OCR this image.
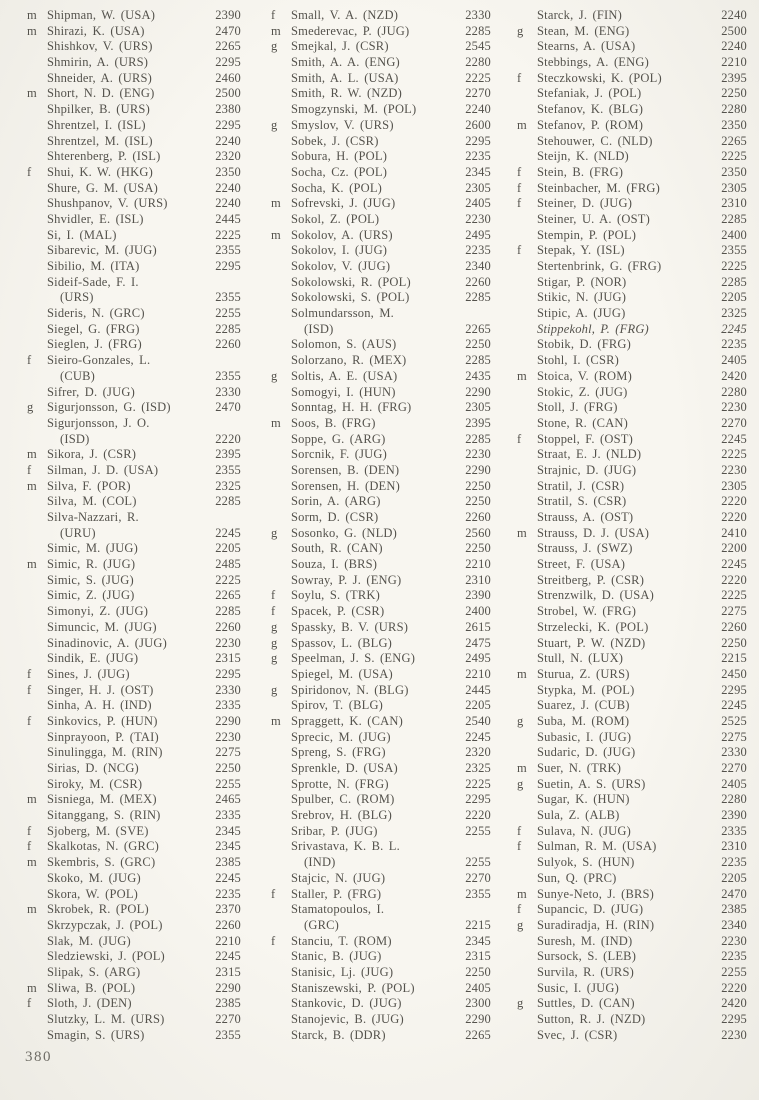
m Shipman, W. (USA)	2390
m Shirazi, K. (USA)	2470
Shishkov, V. (URS)	2265
Shmirin, A. (URS)	2295
Shneider, A. (URS)	2460
m Short, N. D. (ENG)	2500
Shpilker, B. (URS)	2380
Shrentzel, I. (ISL)	2295
Shrentzel, M. (ISL)	2240
Shterenberg, P. (ISL)	2320
f	Shui, K. W. (HKG)	2350
Shure, G. M. (USA)	2240
Shushpanov, V. (URS)	2240
Shvidler, E. (ISL)	2445
Si, I. (MAL)	2225
Sibarevic, M. (JUG)	2355
Sibilio, M. (ITA)	2295
Sideif-Sade, F. I.
(URS)	2355
Sideris, N. (GRC)	2255
Siegel, G. (FRG)	2285
Sieglen, J. (FRG)	2260
f	Sieiro-Gonzales, L.
(CUB)	2355
Sifrer, D. (JUG)	2330
g	Sigurjonsson, G. (ISD)	2470
Sigurjonsson, J. O.
(ISD)	2220
m Sikora, J. (CSR)	2395
f	Silman, J. D. (USA)	2355
m Silva, F. (POR)	2325
Silva, M. (COL)	2285
Silva-Nazzari, R.
(URU)	2245
Simic, M. (JUG)	2205
m Simic, R. (JUG)	2485
Simic, S. (JUG)	2225
Simic, Z. (JUG)	2265
Simonyi, Z. (JUG)	2285
Simuncic, M. (JUG)	2260
Sinadinovic, A. (JUG)	2230
Sindik, E. (JUG)	2315
f	Sines, J. (JUG)	2295
f	Singer, H. J. (OST)	2330
Sinha, A. H. (IND)	2335
f	Sinkovics, P. (HUN)	2290
Sinprayoon, P. (TAI)	2230
Sinulingga, M. (RIN)	2275
Sirias, D. (NCG)	2250
Siroky, M. (CSR)	2255
m Sisniega, M. (MEX)	2465
Sitanggang, S. (RIN)	2335
f	Sjoberg, M. (SVE)	2345
f	Skalkotas, N. (GRC)	2345
m Skembris, S. (GRC)	2385
Skoko, M. (JUG)	2245
Skora, W. (POL)	2235
m Skrobek, R. (POL)	2370
Skrzypczak, J. (POL)	2260
Slak, M. (JUG)	2210
Sledziewski, J. (POL)	2245
Slipak, S. (ARG)	2315
m Sliwa, B. (POL)	2290
f	Sloth, J. (DEN)	2385
Slutzky, L. M. (URS)	2270
Smagin, S. (URS)	2355
f	Small, V. A. (NZD)	2330
m Smederevac, P. (JUG)	2285
g	Smejkal, J. (CSR)	2545
Smith, A. A. (ENG)	2280
Smith, A. L. (USA)	2225
Smith, R. W. (NZD)	2270
Smogzynski, M. (POL)	2240
g	Smyslov, V. (URS)	2600
Sobek, J. (CSR)	2295
Sobura, H. (POL)	2235
Socha, Cz. (POL)	2345
Socha, K. (POL)	2305
m Sofrevski, J. (JUG)	2405
Sokol, Z. (POL)	2230
m Sokolov, A. (URS)	2495
Sokolov, I. (JUG)	2235
Sokolov, V. (JUG)	2340
Sokolowski, R. (POL)	2260
Sokolowski, S. (POL)	2285
Solmundarsson, M.
(ISD)	2265
Solomon, S. (AUS)	2250
Solorzano, R. (MEX)	2285
g	Soltis, A. E. (USA)	2435
Somogyi, I. (HUN)	2290
Sonntag, H. H. (FRG)	2305
m Soos, B. (FRG)	2395
Soppe, G. (ARG)	2285
Sorcnik, F. (JUG)	2230
Sorensen, B. (DEN)	2290
Sorensen, H. (DEN)	2250
Sorin, A. (ARG)	2250
Sorm, D. (CSR)	2260
g	Sosonko, G. (NLD)	2560
South, R. (CAN)	2250
Souza, I. (BRS)	2210
Sowray, P. J. (ENG)	2310
f	Soylu, S. (TRK)	2390
f	Spacek, P. (CSR)	2400
g	Spassky, B. V. (URS)	2615
g	Spassov, L. (BLG)	2475
g	Speelman, J. S. (ENG)	2495
Spiegel, M. (USA)	2210
g	Spiridonov, N. (BLG)	2445
Spirov, T. (BLG)	2205
m Spraggett, K. (CAN)	2540
Sprecic, M. (JUG)	2245
Spreng, S. (FRG)	2320
Sprenkle, D. (USA)	2325
Sprotte, N. (FRG)	2225
Spulber, C. (ROM)	2295
Srebrov, H. (BLG)	2220
Sribar, P. (JUG)	2255
Srivastava, K. B. L.
(IND)	2255
Stajcic, N. (JUG)	2270
f	Staller, P. (FRG)	2355
Stamatopoulos, I.
(GRC)	2215
f	Stanciu, T. (ROM)	2345
Stanic, B. (JUG)	2315
Stanisic, Lj. (JUG)	2250
Staniszewski, P. (POL)	2405
Stankovic, D. (JUG)	2300
Stanojevic, B. (JUG)	2290
Starck, B. (DDR)	2265
Starck, J. (FIN)	2240
g	Stean, M. (ENG)	2500
Stearns, A. (USA)	2240
Stebbings, A. (ENG)	2210
f	Steczkowski, K. (POL)	2395
Stefaniak, J. (POL)	2250
Stefanov, K. (BLG)	2280
m Stefanov, P. (ROM)	2350
Stehouwer, C. (NLD)	2265
Steijn, K. (NLD)	2225
f	Stein, B. (FRG)	2350
f	Steinbacher, M. (FRG)	2305
f	Steiner, D. (JUG)	2310
Steiner, U. A. (OST)	2285
Stempin, P. (POL)	2400
f	Stepak, Y. (ISL)	2355
Stertenbrink, G. (FRG)	2225
Stigar, P. (NOR)	2285
Stikic, N. (JUG)	2205
Stipic, A. (JUG)	2325
Stippekohl, P. (FRG)	2245
Stobik, D. (FRG)	2235
Stohl, I. (CSR)	2405
m Stoica, V. (ROM)	2420
Stokic, Z. (JUG)	2280
Stoll, J. (FRG)	2230
Stone, R. (CAN)	2270
f	Stoppel, F. (OST)	2245
Straat, E. J. (NLD)	2225
Strajnic, D. (JUG)	2230
Stratil, J. (CSR)	2305
Stratil, S. (CSR)	2220
Strauss, A. (OST)	2220
m Strauss, D. J. (USA)	2410
Strauss, J. (SWZ)	2200
Street, F. (USA)	2245
Streitberg, P. (CSR)	2220
Strenzwilk, D. (USA)	2225
Strobel, W. (FRG)	2275
Strzelecki, K. (POL)	2260
Stuart, P. W. (NZD)	2250
Stull, N. (LUX)	2215
m Sturua, Z. (URS)	2450
Stypka, M. (POL)	2295
Suarez, J. (CUB)	2245
g	Suba, M. (ROM)	2525
Subasic, I. (JUG)	2275
Sudaric, D. (JUG)	2330
m Suer, N. (TRK)	2270
g	Suetin, A. S. (URS)	2405
Sugar, K. (HUN)	2280
Sula, Z. (ALB)	2390
f	Sulava, N. (JUG)	2335
f	Sulman, R. M. (USA)	2310
Sulyok, S. (HUN)	2235
Sun, Q. (PRC)	2205
m Sunye-Neto, J. (BRS)	2470
f	Supancic, D. (JUG)	2385
g	Suradiradja, H. (RIN)	2340
Suresh, M. (IND)	2230
Sursock, S. (LEB)	2235
Survila, R. (URS)	2255
Susic, I. (JUG)	2220
g	Suttles, D. (CAN)	2420
Sutton, R. J. (NZD)	2295
Svec, J. (CSR)	2230
380
